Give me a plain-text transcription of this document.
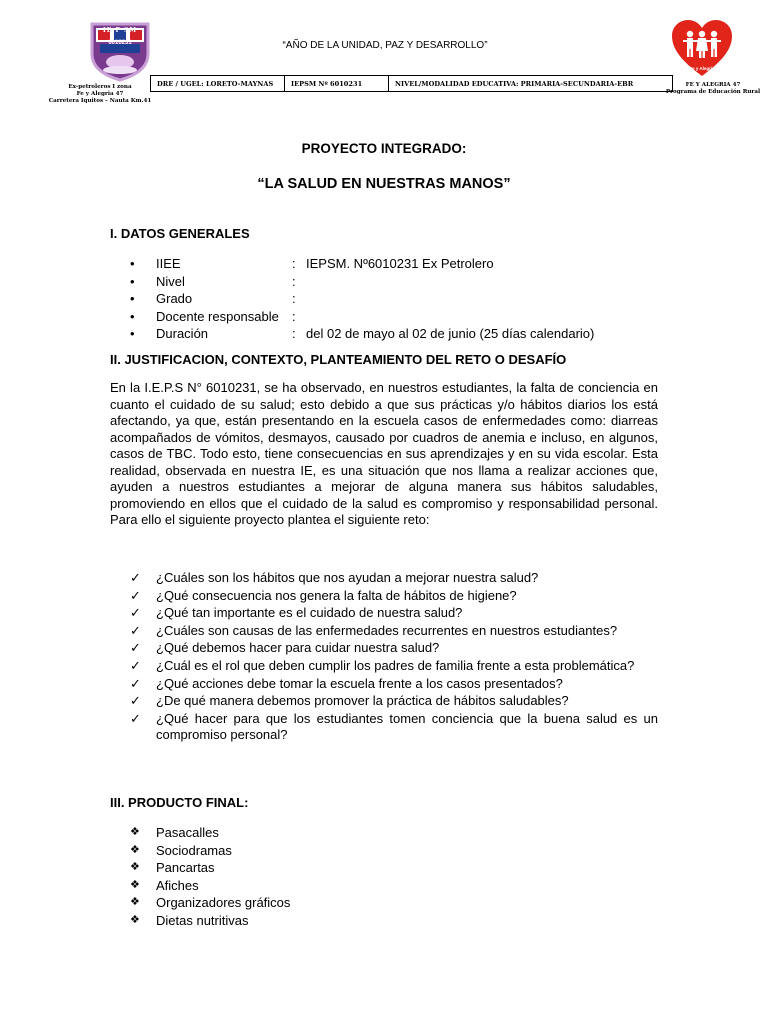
IE P SM
6010231
Ex-petroleros I zona
Fe y Alegria 47
Carretera Iquitos – Nauta Km.41
“AÑO DE LA UNIDAD, PAZ Y DESARROLLO”
DRE / UGEL: LORETO-MAYNAS	IEPSM Nº 6010231	NIVEL/MODALIDAD EDUCATIVA: PRIMARIA-SECUNDARIA-EBR
Fe y Alegría
FE Y ALEGRIA 47
Programa de Educación Rural
PROYECTO INTEGRADO:
“LA SALUD EN NUESTRAS MANOS”
I. DATOS GENERALES
•	IIEE	: IEPSM. Nº6010231 Ex Petrolero
•	Nivel	:
•	Grado	:
•	Docente responsable	:
•	Duración	: del 02 de mayo al 02 de junio (25 días calendario)
II. JUSTIFICACION, CONTEXTO, PLANTEAMIENTO DEL RETO O DESAFÍO

En la I.E.P.S N° 6010231, se ha observado, en nuestros estudiantes, la falta de conciencia en cuanto el cuidado de su salud; esto debido a que sus prácticas y/o hábitos diarios los está afectando, ya que, están presentando en la escuela casos de enfermedades como: diarreas acompañados de vómitos, desmayos, causado por cuadros de anemia e incluso, en algunos, casos de TBC. Todo esto, tiene consecuencias en sus aprendizajes y en su vida escolar. Esta realidad, observada en nuestra IE, es una situación que nos llama a realizar acciones que, ayuden a nuestros estudiantes a mejorar de alguna manera sus hábitos saludables, promoviendo en ellos que el cuidado de la salud es compromiso y responsabilidad personal. Para ello el siguiente proyecto plantea el siguiente reto:

✓	¿Cuáles son los hábitos que nos ayudan a mejorar nuestra salud?
✓	¿Qué consecuencia nos genera la falta de hábitos de higiene?
✓	¿Qué tan importante es el cuidado de nuestra salud?
✓	¿Cuáles son causas de las enfermedades recurrentes en nuestros estudiantes?
✓	¿Qué debemos hacer para cuidar nuestra salud?
✓	¿Cuál es el rol que deben cumplir los padres de familia frente a esta problemática?
✓	¿Qué acciones debe tomar la escuela frente a los casos presentados?
✓	¿De qué manera debemos promover la práctica de hábitos saludables?
✓	¿Qué hacer para que los estudiantes tomen conciencia que la buena salud es un compromiso personal?
III. PRODUCTO FINAL:
❖	Pasacalles
❖	Sociodramas
❖	Pancartas
❖	Afiches
❖	Organizadores gráficos
❖	Dietas nutritivas
